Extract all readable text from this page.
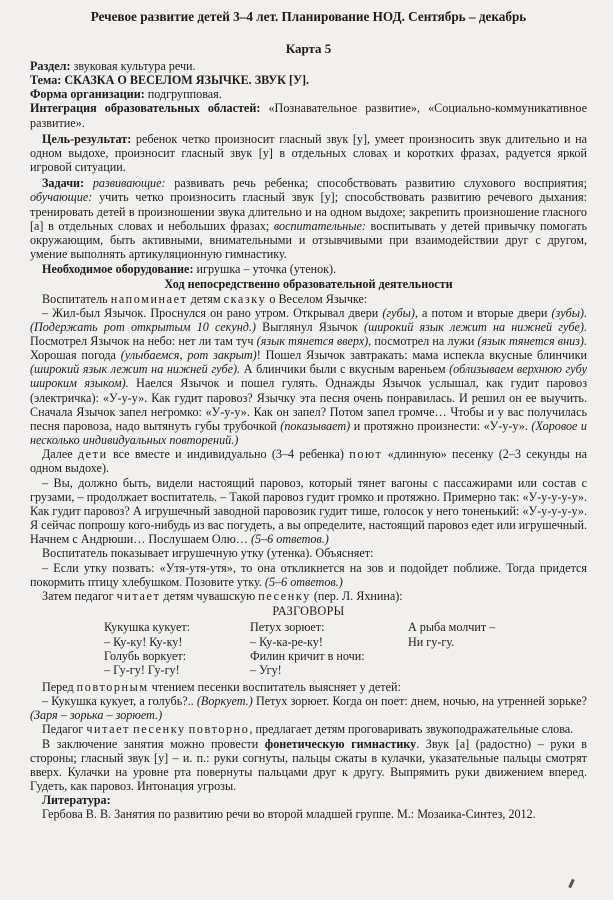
Речевое развитие детей 3–4 лет. Планирование НОД. Сентябрь – декабрь
Карта 5

Раздел: звуковая культура речи.

Тема: СКАЗКА О ВЕСЕЛОМ ЯЗЫЧКЕ. ЗВУК [У].

Форма организации: подгрупповая.

Интеграция образовательных областей: «Познавательное развитие», «Социально-коммуникативное развитие».

Цель-результат: ребенок четко произносит гласный звук [у], умеет произносить звук длительно и на одном выдохе, произносит гласный звук [у] в отдельных словах и коротких фразах, радуется яркой игровой ситуации.

Задачи: развивающие: развивать речь ребенка; способствовать развитию слухового восприятия; обучающие: учить четко произносить гласный звук [у]; способствовать развитию речевого дыхания: тренировать детей в произношении звука длительно и на одном выдохе; закрепить произношение гласного [а] в отдельных словах и небольших фразах; воспитательные: воспитывать у детей привычку помогать окружающим, быть активными, внимательными и отзывчивыми при взаимодействии друг с другом, умение выполнять артикуляционную гимнастику.

Необходимое оборудование: игрушка – уточка (утенок).

Ход непосредственно образовательной деятельности

Воспитатель напоминает детям сказку о Веселом Язычке:

– Жил-был Язычок. Проснулся он рано утром. Открывал двери (губы), а потом и вторые двери (зубы). (Подержать рот открытым 10 секунд.) Выглянул Язычок (широкий язык лежит на нижней губе). Посмотрел Язычок на небо: нет ли там туч (язык тянется вверх), посмотрел на лужи (язык тянется вниз). Хорошая погода (улыбаемся, рот закрыт)! Пошел Язычок завтракать: мама испекла вкусные блинчики (широкий язык лежит на нижней губе). А блинчики были с вкусным вареньем (облизываем верхнюю губу широким языком). Наелся Язычок и пошел гулять. Однажды Язычок услышал, как гудит паровоз (электричка): «У-у-у». Как гудит паровоз? Язычку эта песня очень понравилась. И решил он ее выучить. Сначала Язычок запел негромко: «У-у-у». Как он запел? Потом запел громче… Чтобы и у вас получилась песня паровоза, надо вытянуть губы трубочкой (показывает) и протяжно произнести: «У-у-у». (Хоровое и несколько индивидуальных повторений.)

Далее дети все вместе и индивидуально (3–4 ребенка) поют «длинную» песенку (2–3 секунды на одном выдохе).

– Вы, должно быть, видели настоящий паровоз, который тянет вагоны с пассажирами или состав с грузами, – продолжает воспитатель. – Такой паровоз гудит громко и протяжно. Примерно так: «У-у-у-у-у». Как гудит паровоз? А игрушечный заводной паровозик гудит тише, голосок у него тоненький: «У-у-у-у-у». Я сейчас попрошу кого-нибудь из вас погудеть, а вы определите, настоящий паровоз едет или игрушечный. Начнем с Андрюши… Послушаем Олю… (5–6 ответов.)

Воспитатель показывает игрушечную утку (утенка). Объясняет:

– Если утку позвать: «Утя-утя-утя», то она откликнется на зов и подойдет поближе. Тогда придется покормить птицу хлебушком. Позовите утку. (5–6 ответов.)

Затем педагог читает детям чувашскую песенку (пер. Л. Яхнина):

РАЗГОВОРЫ
Кукушка кукует:
– Ку-ку! Ку-ку!
Голубь воркует:
– Гу-гу! Гу-гу!
Петух зорюет:
– Ку-ка-ре-ку!
Филин кричит в ночи:
– Угу!
А рыба молчит –
Ни гу-гу.

Перед повторным чтением песенки воспитатель выясняет у детей:

– Кукушка кукует, а голубь?.. (Воркует.) Петух зорюет. Когда он поет: днем, ночью, на утренней зорьке? (Заря – зорька – зорюет.)

Педагог читает песенку повторно, предлагает детям проговаривать звукоподражательные слова.

В заключение занятия можно провести фонетическую гимнастику. Звук [а] (радостно) – руки в стороны; гласный звук [у] – и. п.: руки согнуты, пальцы сжаты в кулачки, указательные пальцы смотрят вверх. Кулачки на уровне рта повернуты пальцами друг к другу. Выпрямить руки движением вперед. Гудеть, как паровоз. Интонация угрозы.

Литература:

Гербова В. В. Занятия по развитию речи во второй младшей группе. М.: Мозаика-Синтез, 2012.
